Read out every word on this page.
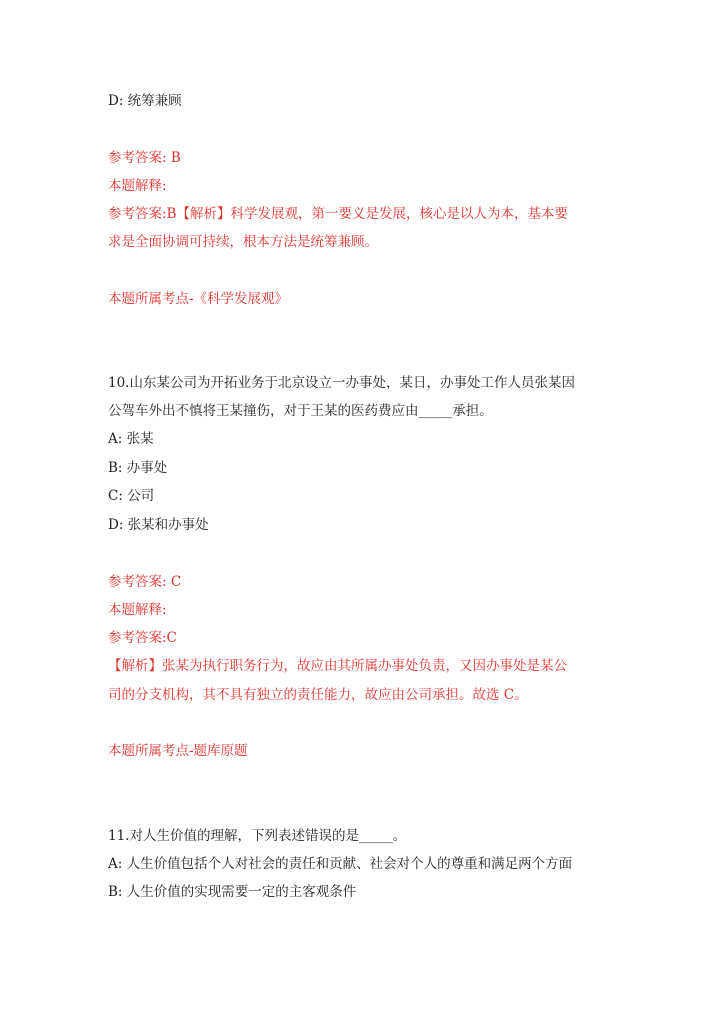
D: 统筹兼顾
参考答案: B
本题解释:
参考答案:B【解析】科学发展观，第一要义是发展，核心是以人为本，基本要
求是全面协调可持续，根本方法是统筹兼顾。
本题所属考点-《科学发展观》
10.山东某公司为开拓业务于北京设立一办事处，某日，办事处工作人员张某因
公驾车外出不慎将王某撞伤，对于王某的医药费应由_____承担。
A: 张某
B: 办事处
C: 公司
D: 张某和办事处
参考答案: C
本题解释:
参考答案:C
【解析】张某为执行职务行为，故应由其所属办事处负责，又因办事处是某公
司的分支机构，其不具有独立的责任能力，故应由公司承担。故选 C。
本题所属考点-题库原题
11.对人生价值的理解，下列表述错误的是_____。
A: 人生价值包括个人对社会的责任和贡献、社会对个人的尊重和满足两个方面
B: 人生价值的实现需要一定的主客观条件
